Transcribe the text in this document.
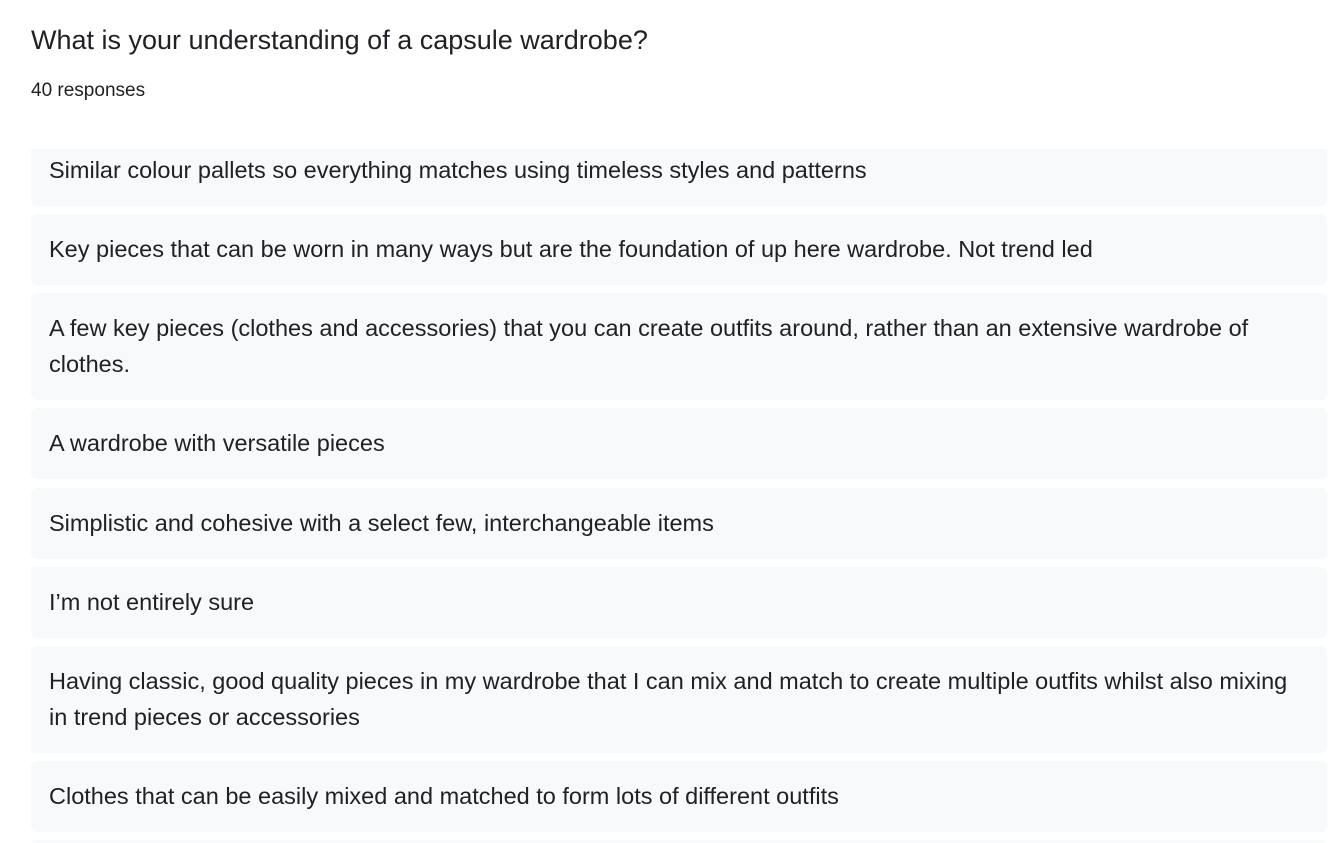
What is your understanding of a capsule wardrobe?
40 responses
Similar colour pallets so everything matches using timeless styles and patterns
Key pieces that can be worn in many ways but are the foundation of up here wardrobe. Not trend led
A few key pieces (clothes and accessories) that you can create outfits around, rather than an extensive wardrobe of clothes.
A wardrobe with versatile pieces
Simplistic and cohesive with a select few, interchangeable items
I’m not entirely sure
Having classic, good quality pieces in my wardrobe that I can mix and match to create multiple outfits whilst also mixing in trend pieces or accessories
Clothes that can be easily mixed and matched to form lots of different outfits
